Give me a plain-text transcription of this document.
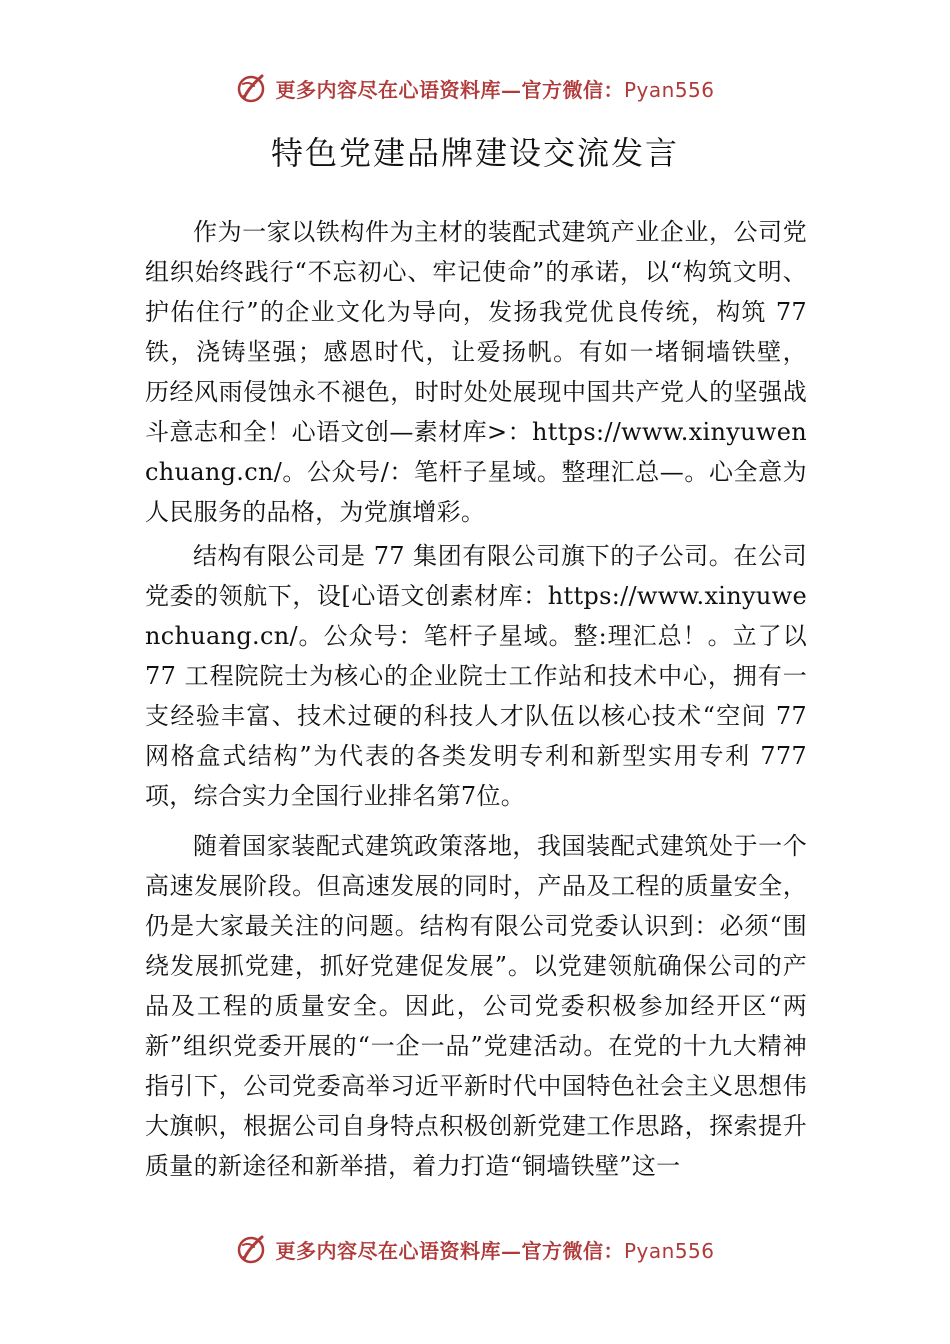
更多内容尽在心语资料库—官方微信：Pyan556
特色党建品牌建设交流发言

作为一家以铁构件为主材的装配式建筑产业企业，公司党组织始终践行“不忘初心、牢记使命”的承诺，以“构筑文明、护佑住行”的企业文化为导向，发扬我党优良传统，构筑 77 铁，浇铸坚强；感恩时代，让爱扬帆。有如一堵铜墙铁壁， 历经风雨侵蚀永不褪色，时时处处展现中国共产党人的坚强战斗意志和全！心语文创—素材库>：https://www.xinyuwenchuang.cn/。公众号/：笔杆子星域。整理汇总—。心全意为人民服务的品格，为党旗增彩。

结构有限公司是 77 集团有限公司旗下的子公司。在公司党委的领航下，设[心语文创素材库：https://www.xinyuwenchuang.cn/。公众号：笔杆子星域。整:理汇总！。立了以 77 工程院院士为核心的企业院士工作站和技术中心，拥有一支经验丰富、技术过硬的科技人才队伍以核心技术“空间 77 网格盒式结构”为代表的各类发明专利和新型实用专利 777项，综合实力全国行业排名第7位。

随着国家装配式建筑政策落地，我国装配式建筑处于一个高速发展阶段。但高速发展的同时，产品及工程的质量安全，仍是大家最关注的问题。结构有限公司党委认识到：必须“围绕发展抓党建，抓好党建促发展”。以党建领航确保公司的产品及工程的质量安全。因此，公司党委积极参加经开区“两新”组织党委开展的“一企一品”党建活动。在党的十九大精神指引下，公司党委高举习近平新时代中国特色社会主义思想伟大旗帜，根据公司自身特点积极创新党建工作思路，探索提升质量的新途径和新举措，着力打造“铜墙铁壁”这一

更多内容尽在心语资料库—官方微信：Pyan556
